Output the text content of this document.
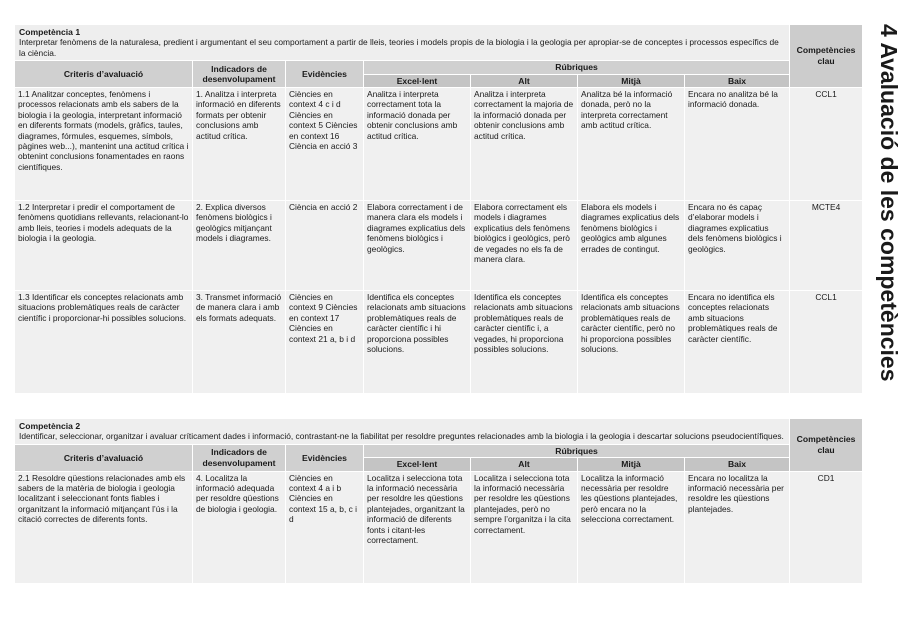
4 Avaluació de les competències
Competència 1
Interpretar fenòmens de la naturalesa, predient i argumentant el seu comportament a partir de lleis, teories i models propis de la biologia i la geologia per apropiar-se de conceptes i processos específics de la ciència.							Competències clau
Criteris d’avaluació	Indicadors de desenvolupament	Evidències	Rúbriques				
			Excel·lent	Alt	Mitjà	Baix	
1.1 Analitzar conceptes, fenòmens i processos relacionats amb els sabers de la biologia i la geologia, interpretant informació en diferents formats (models, gràfics, taules, diagrames, fórmules, esquemes, símbols, pàgines web...), mantenint una actitud crítica i obtenint conclusions fonamentades en raons científiques.	1. Analitza i interpreta informació en diferents formats per obtenir conclusions amb actitud crítica.	Ciències en context 4 c i d Ciències en context 5 Ciències en context 16 Ciència en acció 3	Analitza i interpreta correctament tota la informació donada per obtenir conclusions amb actitud crítica.	Analitza i interpreta correctament la majoria de la informació donada per obtenir conclusions amb actitud crítica.	Analitza bé la informació donada, però no la interpreta correctament amb actitud crítica.	Encara no analitza bé la informació donada.	CCL1
1.2 Interpretar i predir el comportament de fenòmens quotidians rellevants, relacionant-lo amb lleis, teories i models adequats de la biologia i la geologia.	2. Explica diversos fenòmens biològics i geològics mitjançant models i diagrames.	Ciència en acció 2	Elabora correctament i de manera clara els models i diagrames explicatius dels fenòmens biològics i geològics.	Elabora correctament els models i diagrames explicatius dels fenòmens biològics i geològics, però de vegades no els fa de manera clara.	Elabora els models i diagrames explicatius dels fenòmens biològics i geològics amb algunes errades de contingut.	Encara no és capaç d’elaborar models i diagrames explicatius dels fenòmens biològics i geològics.	MCTE4
1.3 Identificar els conceptes relacionats amb situacions problemàtiques reals de caràcter científic i proporcionar-hi possibles solucions.	3. Transmet informació de manera clara i amb els formats adequats.	Ciències en context 9 Ciències en context 17 Ciències en context 21 a, b i d	Identifica els conceptes relacionats amb situacions problemàtiques reals de caràcter científic i hi proporciona possibles solucions.	Identifica els conceptes relacionats amb situacions problemàtiques reals de caràcter científic i, a vegades, hi proporciona possibles solucions.	Identifica els conceptes relacionats amb situacions problemàtiques reals de caràcter científic, però no hi proporciona possibles solucions.	Encara no identifica els conceptes relacionats amb situacions problemàtiques reals de caràcter científic.	CCL1
Competència 2
Identificar, seleccionar, organitzar i avaluar críticament dades i informació, contrastant-ne la fiabilitat per resoldre preguntes relacionades amb la biologia i la geologia i descartar solucions pseudocientífiques.							Competències clau
Criteris d’avaluació	Indicadors de desenvolupament	Evidències	Rúbriques				
			Excel·lent	Alt	Mitjà	Baix	
2.1 Resoldre qüestions relacionades amb els sabers de la matèria de biologia i geologia localitzant i seleccionant fonts fiables i organitzant la informació mitjançant l’ús i la citació correctes de diferents fonts.	4. Localitza la informació adequada per resoldre qüestions de biologia i geologia.	Ciències en context 4 a i b Ciències en context 15 a, b, c i d	Localitza i selecciona tota la informació necessària per resoldre les qüestions plantejades, organitzant la informació de diferents fonts i citant-les correctament.	Localitza i selecciona tota la informació necessària per resoldre les qüestions plantejades, però no sempre l’organitza i la cita correctament.	Localitza la informació necessària per resoldre les qüestions plantejades, però encara no la selecciona correctament.	Encara no localitza la informació necessària per resoldre les qüestions plantejades.	CD1
